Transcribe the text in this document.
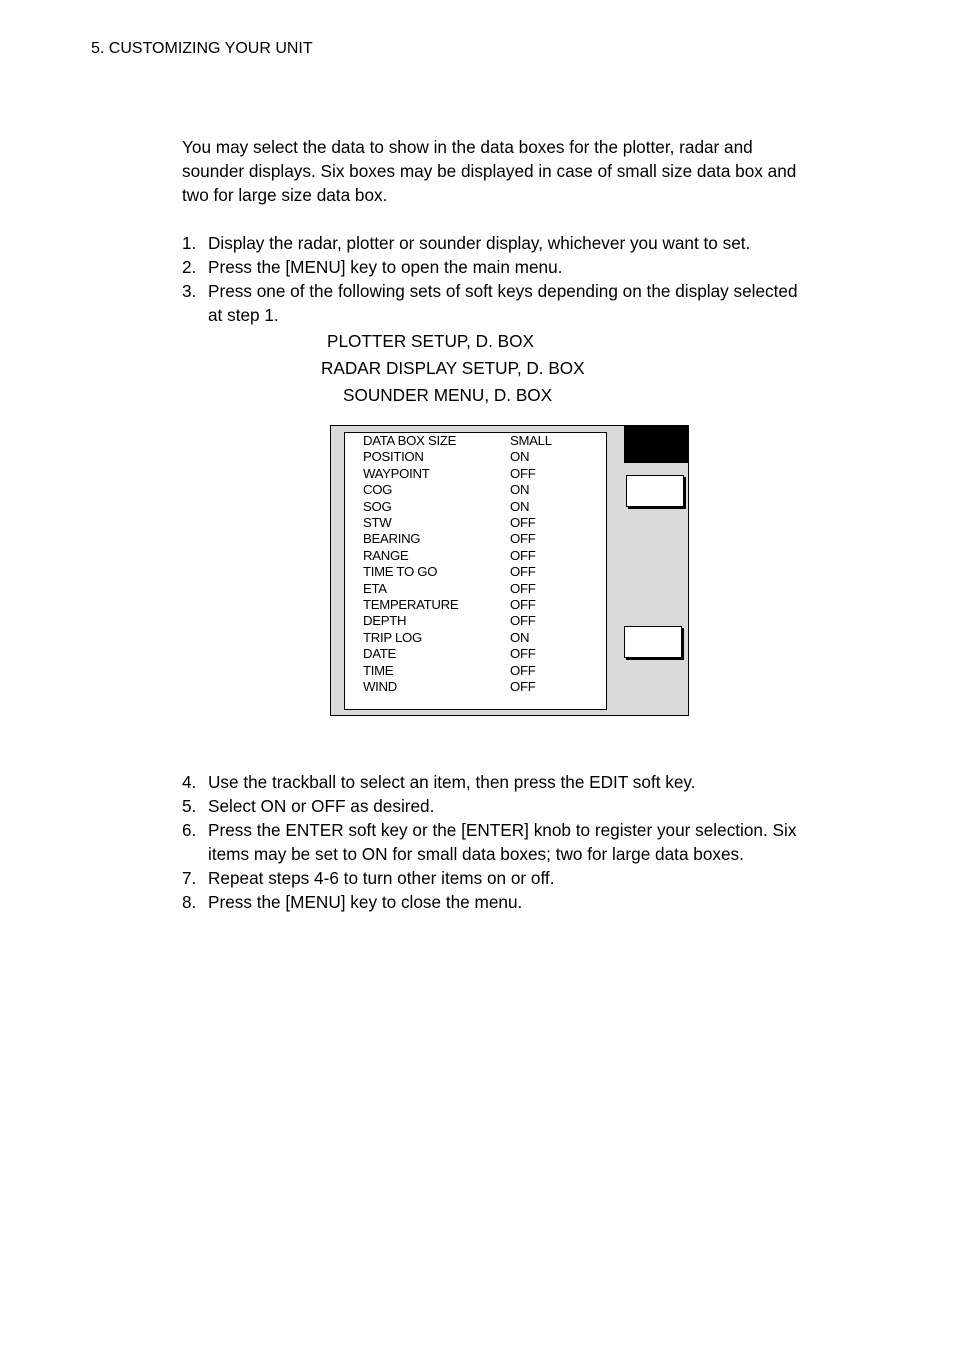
5. CUSTOMIZING YOUR UNIT
You may select the data to show in the data boxes for the plotter, radar and
sounder displays. Six boxes may be displayed in case of small size data box and
two for large size data box.
1. Display the radar, plotter or sounder display, whichever you want to set.
2. Press the [MENU] key to open the main menu.
3. Press one of the following sets of soft keys depending on the display selected
at step 1.
PLOTTER SETUP, D. BOX
RADAR DISPLAY SETUP, D. BOX
SOUNDER MENU, D. BOX
DATA BOX SIZE	SMALL
POSITION	ON
WAYPOINT	OFF
COG	ON
SOG	ON
STW	OFF
BEARING	OFF
RANGE	OFF
TIME TO GO	OFF
ETA	OFF
TEMPERATURE	OFF
DEPTH	OFF
TRIP LOG	ON
DATE	OFF
TIME	OFF
WIND	OFF
4. Use the trackball to select an item, then press the EDIT soft key.
5. Select ON or OFF as desired.
6. Press the ENTER soft key or the [ENTER] knob to register your selection. Six
items may be set to ON for small data boxes; two for large data boxes.
7. Repeat steps 4-6 to turn other items on or off.
8. Press the [MENU] key to close the menu.
